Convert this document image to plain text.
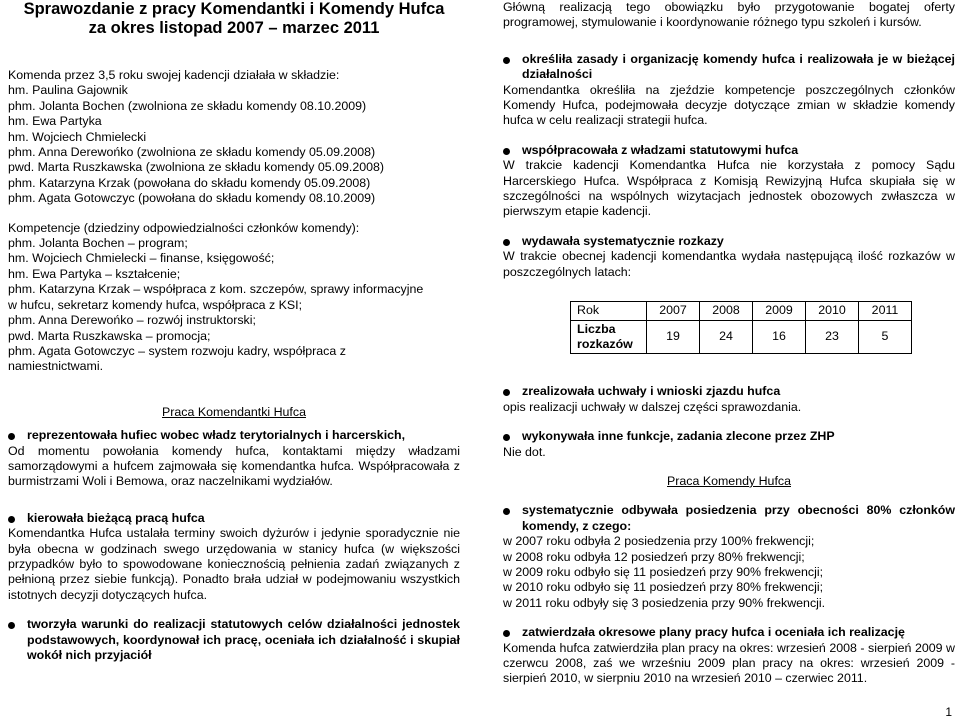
Sprawozdanie z pracy Komendantki i Komendy Hufca
za okres listopad 2007 – marzec 2011
Komenda przez 3,5 roku swojej kadencji działała w składzie:
hm. Paulina Gajownik
phm. Jolanta Bochen (zwolniona ze składu komendy 08.10.2009)
hm. Ewa Partyka
hm. Wojciech Chmielecki
phm. Anna Derewońko (zwolniona ze składu komendy 05.09.2008)
pwd. Marta Ruszkawska (zwolniona ze składu komendy 05.09.2008)
phm. Katarzyna Krzak (powołana do składu komendy 05.09.2008)
phm. Agata Gotowczyc (powołana do składu komendy 08.10.2009)
Kompetencje (dziedziny odpowiedzialności członków komendy):
phm. Jolanta Bochen – program;
hm. Wojciech Chmielecki – finanse, księgowość;
hm. Ewa Partyka – kształcenie;
phm. Katarzyna Krzak – współpraca z kom. szczepów, sprawy informacyjne
w hufcu, sekretarz komendy hufca, współpraca z KSI;
phm. Anna Derewońko – rozwój instruktorski;
pwd. Marta Ruszkawska – promocja;
phm. Agata Gotowczyc – system rozwoju kadry, współpraca z
namiestnictwami.
Praca Komendantki Hufca
reprezentowała hufiec wobec władz terytorialnych i harcerskich,
Od momentu powołania komendy hufca, kontaktami między władzami samorządowymi a hufcem zajmowała się komendantka hufca. Współpracowała z burmistrzami Woli i Bemowa, oraz naczelnikami wydziałów.
kierowała bieżącą pracą hufca
Komendantka Hufca ustalała terminy swoich dyżurów i jedynie sporadycznie nie była obecna w godzinach swego urzędowania w stanicy hufca (w większości przypadków było to spowodowane koniecznością pełnienia zadań związanych z pełnioną przez siebie funkcją). Ponadto brała udział w podejmowaniu wszystkich istotnych decyzji dotyczących hufca.
tworzyła warunki do realizacji statutowych celów działalności jednostek podstawowych, koordynował ich pracę, oceniała ich działalność i skupiał wokół nich przyjaciół
Główną realizacją tego obowiązku było przygotowanie bogatej oferty programowej, stymulowanie i koordynowanie różnego typu szkoleń i kursów.
określiła zasady i organizację komendy hufca i realizowała je w bieżącej działalności
Komendantka określiła na zjeździe kompetencje poszczególnych członków Komendy Hufca, podejmowała decyzje dotyczące zmian w składzie komendy hufca w celu realizacji strategii hufca.
współpracowała z władzami statutowymi hufca
W trakcie kadencji Komendantka Hufca nie korzystała z pomocy Sądu Harcerskiego Hufca. Współpraca z Komisją Rewizyjną Hufca skupiała się w szczególności na wspólnych wizytacjach jednostek obozowych zwłaszcza w pierwszym etapie kadencji.
wydawała systematycznie rozkazy
W trakcie obecnej kadencji komendantka wydała następującą ilość rozkazów w poszczególnych latach:
Rok	2007	2008	2009	2010	2011
Liczba rozkazów	19	24	16	23	5
zrealizowała uchwały i wnioski zjazdu hufca
opis realizacji uchwały w dalszej części sprawozdania.
wykonywała inne funkcje, zadania zlecone przez ZHP
Nie dot.
Praca Komendy Hufca
systematycznie odbywała posiedzenia przy obecności 80% członków komendy, z czego:
w 2007 roku odbyła 2 posiedzenia przy 100% frekwencji;
w 2008 roku odbyła 12 posiedzeń przy 80% frekwencji;
w 2009 roku odbyło się 11 posiedzeń przy 90% frekwencji;
w 2010 roku odbyło się 11 posiedzeń przy 80% frekwencji;
w 2011 roku odbyły się 3 posiedzenia przy 90% frekwencji.
zatwierdzała okresowe plany pracy hufca i oceniała ich realizację
Komenda hufca zatwierdziła plan pracy na okres: wrzesień 2008 - sierpień 2009 w czerwcu 2008, zaś we wrześniu 2009 plan pracy na okres: wrzesień 2009 - sierpień 2010, w sierpniu 2010 na wrzesień 2010 – czerwiec 2011.
1
